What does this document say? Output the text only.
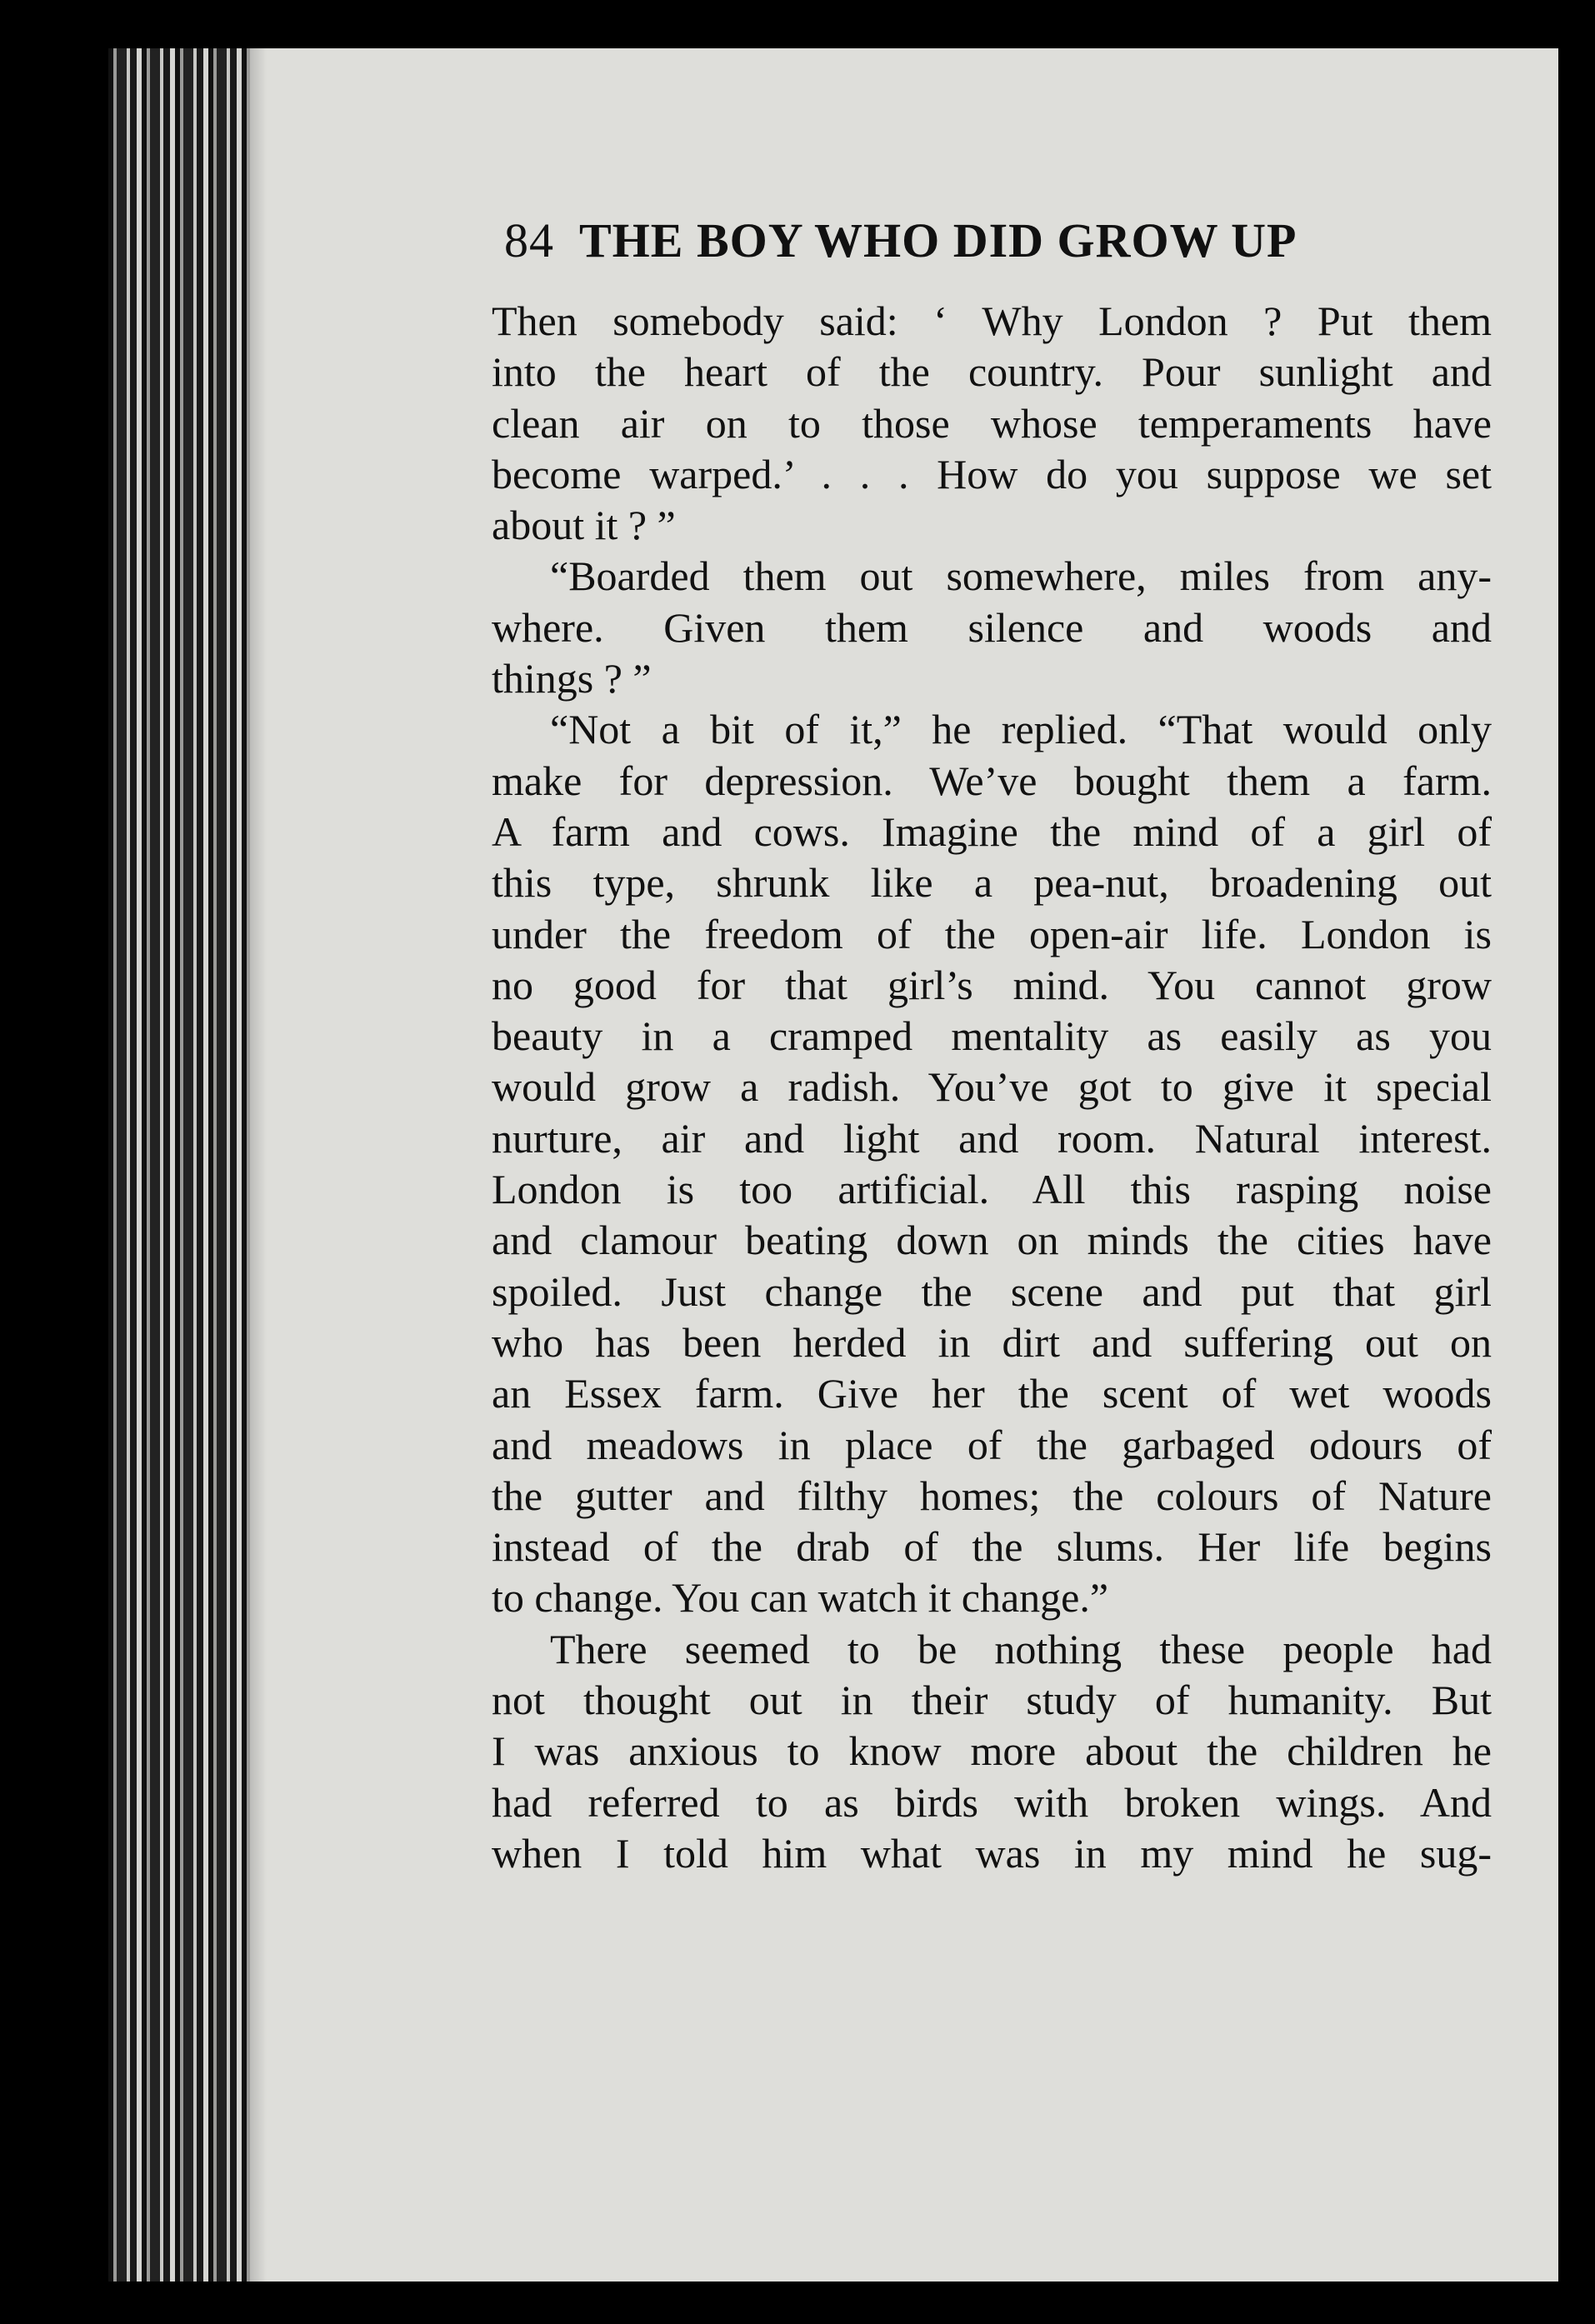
84 THE BOY WHO DID GROW UP
Then somebody said: ‘ Why London ? Put them
into the heart of the country. Pour sunlight and
clean air on to those whose temperaments have
become warped.’ . . . How do you suppose we set
about it ? ”
“Boarded them out somewhere, miles from any-
where. Given them silence and woods and
things ? ”
“Not a bit of it,” he replied. “That would only
make for depression. We’ve bought them a farm.
A farm and cows. Imagine the mind of a girl of
this type, shrunk like a pea-nut, broadening out
under the freedom of the open-air life. London is
no good for that girl’s mind. You cannot grow
beauty in a cramped mentality as easily as you
would grow a radish. You’ve got to give it special
nurture, air and light and room. Natural interest.
London is too artificial. All this rasping noise
and clamour beating down on minds the cities have
spoiled. Just change the scene and put that girl
who has been herded in dirt and suffering out on
an Essex farm. Give her the scent of wet woods
and meadows in place of the garbaged odours of
the gutter and filthy homes; the colours of Nature
instead of the drab of the slums. Her life begins
to change. You can watch it change.”
There seemed to be nothing these people had
not thought out in their study of humanity. But
I was anxious to know more about the children he
had referred to as birds with broken wings. And
when I told him what was in my mind he sug-
